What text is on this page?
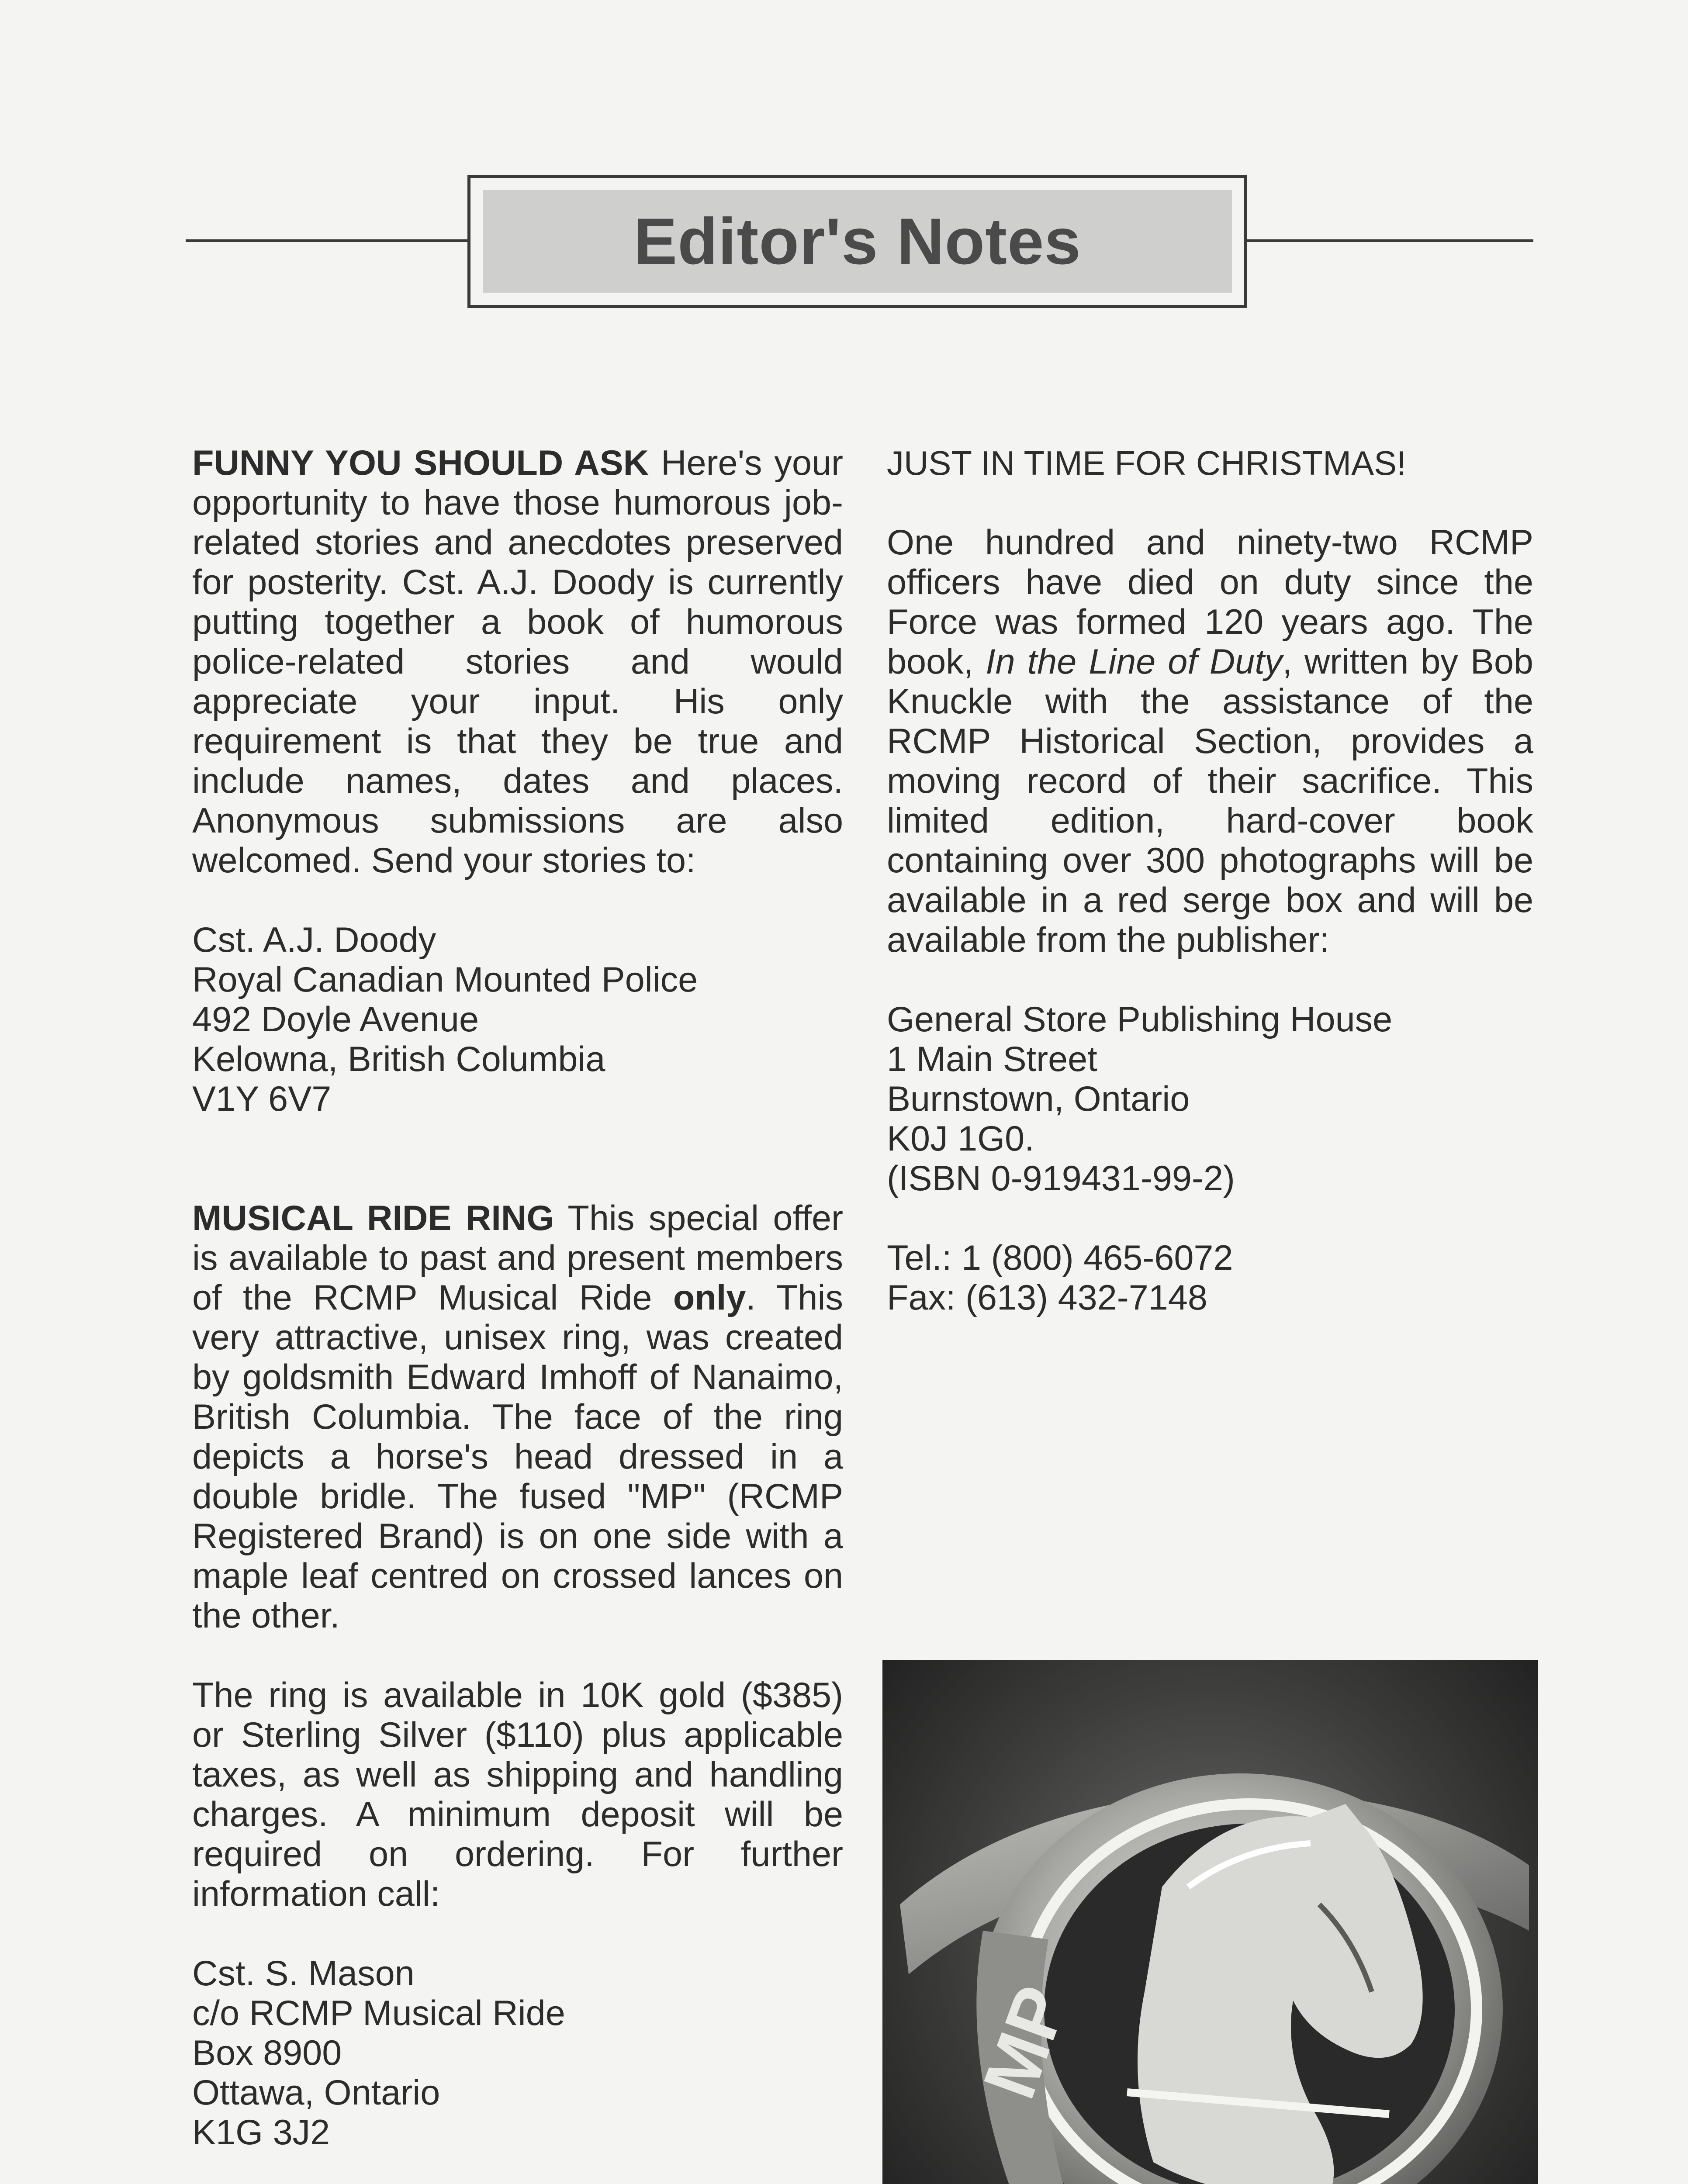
Editor's Notes

FUNNY YOU SHOULD ASK Here's your opportunity to have those humorous job-related stories and anecdotes preserved for posterity. Cst. A.J. Doody is currently putting together a book of humorous police-related stories and would appreciate your input. His only requirement is that they be true and include names, dates and places. Anonymous submissions are also welcomed. Send your stories to:

Cst. A.J. Doody
Royal Canadian Mounted Police
492 Doyle Avenue
Kelowna, British Columbia
V1Y 6V7

MUSICAL RIDE RING This special offer is available to past and present members of the RCMP Musical Ride only. This very attractive, unisex ring, was created by goldsmith Edward Imhoff of Nanaimo, British Columbia. The face of the ring depicts a horse's head dressed in a double bridle. The fused "MP" (RCMP Registered Brand) is on one side with a maple leaf centred on crossed lances on the other.

The ring is available in 10K gold ($385) or Sterling Silver ($110) plus applicable taxes, as well as shipping and handling charges. A minimum deposit will be required on ordering. For further information call:

Cst. S. Mason
c/o RCMP Musical Ride
Box 8900
Ottawa, Ontario
K1G 3J2
JUST IN TIME FOR CHRISTMAS!

One hundred and ninety-two RCMP officers have died on duty since the Force was formed 120 years ago. The book, In the Line of Duty, written by Bob Knuckle with the assistance of the RCMP Historical Section, provides a moving record of their sacrifice. This limited edition, hard-cover book containing over 300 photographs will be available in a red serge box and will be available from the publisher:

General Store Publishing House
1 Main Street
Burnstown, Ontario
K0J 1G0.
(ISBN 0-919431-99-2)
Tel.: 1 (800) 465-6072
Fax: (613) 432-7148
MP
